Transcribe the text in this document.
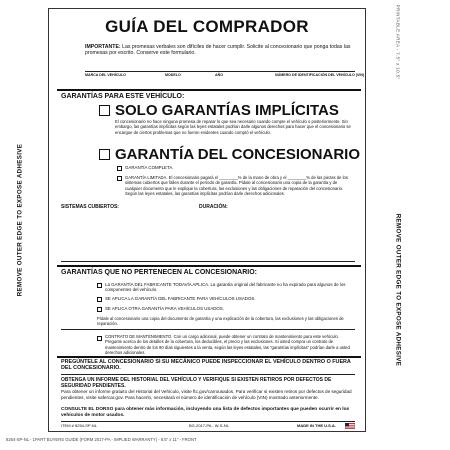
REMOVE OUTER EDGE TO EXPOSE ADHESIVE	REMOVE OUTER EDGE TO EXPOSE ADHESIVE
PRINTABLE AREA - 7.5" x 10.5"
GUÍA DEL COMPRADOR
IMPORTANTE: Las promesas verbales son difíciles de hacer cumplir. Solicite al concesionario que ponga todas las promesas por escrito. Conserve este formulario.
MARCA DEL VEHÍCULO	MODELO	AÑO	NÚMERO DE IDENTIFICACIÓN DEL VEHÍCULO (VIN)
GARANTÍAS PARA ESTE VEHÍCULO:
SOLO GARANTÍAS IMPLÍCITAS
El concesionario no hace ninguna promesa de reparar lo que sea necesario cuando compre el vehículo o posteriormente. Sin embargo, las garantías implícitas según las leyes estatales podrían darle algunos derechos para hacer que el concesionario se encargue de ciertos problemas que no fueron evidentes cuando compró el vehículo.
GARANTÍA DEL CONCESIONARIO
GARANTÍA COMPLETA.
GARANTÍA LIMITADA. El concesionario pagará el ________% de la mano de obra y el ________% de las piezas de los sistemas cubiertos que fallen durante el período de garantía. Pídale al concesionario una copia de la garantía y de cualquier documento que le explique la cobertura, las exclusiones y las obligaciones de reparación del concesionario. Según las leyes estatales, las garantías implícitas podrían darle derechos adicionales.
SISTEMAS CUBIERTOS:	DURACIÓN:
GARANTÍAS QUE NO PERTENECEN AL CONCESIONARIO:
La GARANTÍA DEL FABRICANTE TODAVÍA APLICA. La garantía original del fabricante no ha expirado para algunos de los componentes del vehículo.
SE APLICA LA GARANTÍA DEL FABRICANTE PARA VEHÍCULOS USADOS.
SE APLICA OTRA GARANTÍA PARA VEHÍCULOS USADOS.
Pídale al concesionario una copia del documento de garantía y una explicación de la cobertura, las exclusiones y las obligaciones de reparación.
CONTRATO DE MANTENIMIENTO. Con un cargo adicional, puede obtener un contrato de mantenimiento para este vehículo. Pregunte acerca de los detalles de la cobertura, los deducibles, el precio y las exclusiones. Si usted compra un contrato de mantenimiento dentro de los 90 días siguientes a la venta, según las leyes estatales, las "garantías implícitas" podrían darle a usted derechos adicionales.
PREGÚNTELE AL CONCESIONARIO SI SU MECÁNICO PUEDE INSPECCIONAR EL VEHÍCULO DENTRO O FUERA DEL CONCESIONARIO.
OBTENGA UN INFORME DEL HISTORIAL DEL VEHÍCULO Y VERIFIQUE SI EXISTEN RETIROS POR DEFECTOS DE SEGURIDAD PENDIENTES.
Para obtener un informe gratuito del Historial del Vehículo, visite ftc.gov/carrousados. Para verificar si existen retiros por defectos de seguridad pendientes, visite safercar.gov. Para hacerlo, necesitará el número de identificación de vehículo (VIN) mostrado anteriormente.
CONSULTE EL DORSO para obtener más información, incluyendo una lista de defectos importantes que pueden ocurrir en los vehículos de motor usados.
ITEM # 8254-SP-NL	BG-2017-PA - W-S-NL	MADE IN THE U.S.A.
8254-SP-NL - 1PART BUYERS GUIDE (FORM 2017-PA - IMPLIED WARRANTY) - 8.5" x 11" - FRONT
